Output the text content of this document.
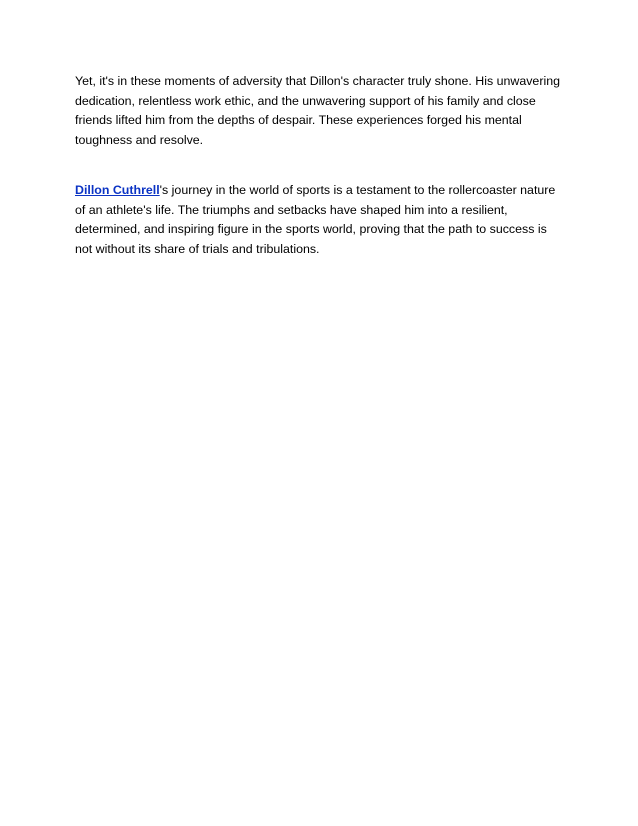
Yet, it's in these moments of adversity that Dillon's character truly shone. His unwavering dedication, relentless work ethic, and the unwavering support of his family and close friends lifted him from the depths of despair. These experiences forged his mental toughness and resolve.

Dillon Cuthrell's journey in the world of sports is a testament to the rollercoaster nature of an athlete's life. The triumphs and setbacks have shaped him into a resilient, determined, and inspiring figure in the sports world, proving that the path to success is not without its share of trials and tribulations.
